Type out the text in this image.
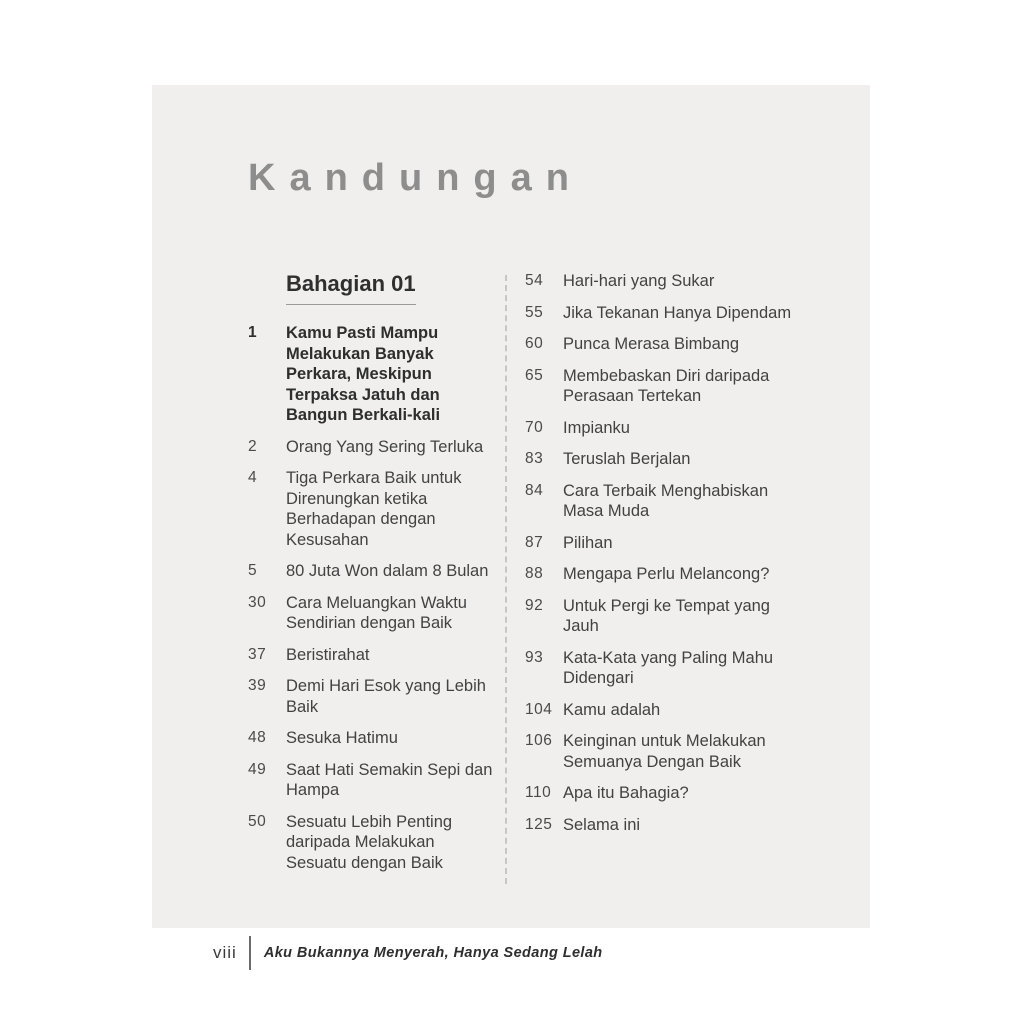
Kandungan
Bahagian 01
1	Kamu Pasti Mampu Melakukan Banyak Perkara, Meskipun Terpaksa Jatuh dan Bangun Berkali-kali
2	Orang Yang Sering Terluka
4	Tiga Perkara Baik untuk Direnungkan ketika Berhadapan dengan Kesusahan
5	80 Juta Won dalam 8 Bulan
30	Cara Meluangkan Waktu Sendirian dengan Baik
37	Beristirahat
39	Demi Hari Esok yang Lebih Baik
48	Sesuka Hatimu
49	Saat Hati Semakin Sepi dan Hampa
50	Sesuatu Lebih Penting daripada Melakukan Sesuatu dengan Baik
54	Hari-hari yang Sukar
55	Jika Tekanan Hanya Dipendam
60	Punca Merasa Bimbang
65	Membebaskan Diri daripada Perasaan Tertekan
70	Impianku
83	Teruslah Berjalan
84	Cara Terbaik Menghabiskan Masa Muda
87	Pilihan
88	Mengapa Perlu Melancong?
92	Untuk Pergi ke Tempat yang Jauh
93	Kata-Kata yang Paling Mahu Didengari
104 Kamu adalah
106 Keinginan untuk Melakukan Semuanya Dengan Baik
110 Apa itu Bahagia?
125 Selama ini
viii Aku Bukannya Menyerah, Hanya Sedang Lelah
